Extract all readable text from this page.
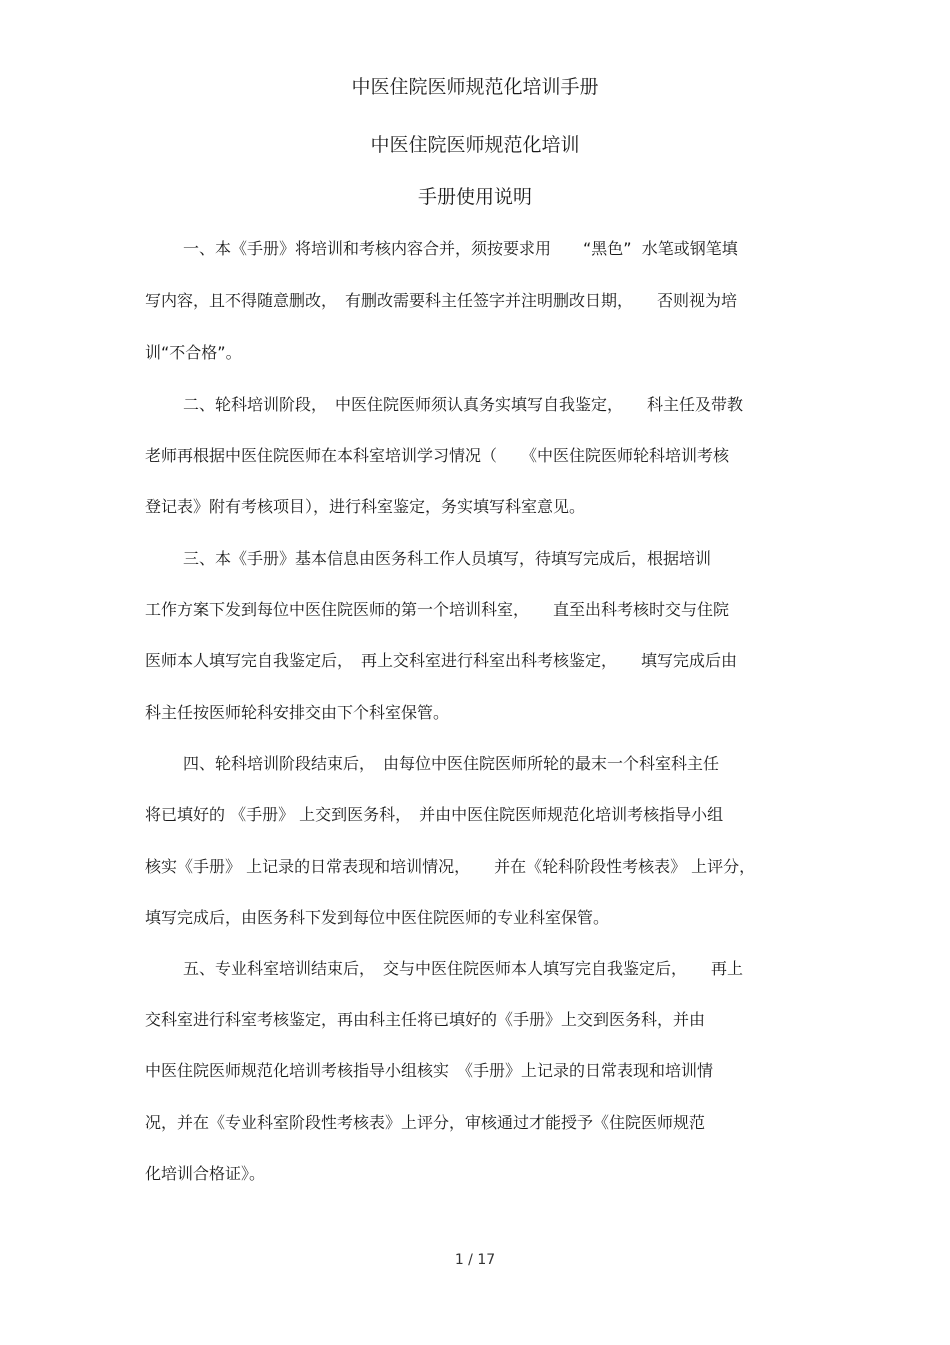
中医住院医师规范化培训手册
中医住院医师规范化培训
手册使用说明
一、本《手册》将培训和考核内容合并，须按要求用　　“黑色”  水笔或钢笔填
写内容，且不得随意删改，　有删改需要科主任签字并注明删改日期，　　否则视为培
训“不合格”。
二、轮科培训阶段，　中医住院医师须认真务实填写自我鉴定，　　科主任及带教
老师再根据中医住院医师在本科室培训学习情况（　　《中医住院医师轮科培训考核
登记表》附有考核项目），进行科室鉴定，务实填写科室意见。
三、本《手册》基本信息由医务科工作人员填写，待填写完成后，根据培训
工作方案下发到每位中医住院医师的第一个培训科室，　　直至出科考核时交与住院
医师本人填写完自我鉴定后，　再上交科室进行科室出科考核鉴定，　　填写完成后由
科主任按医师轮科安排交由下个科室保管。
四、轮科培训阶段结束后，　由每位中医住院医师所轮的最末一个科室科主任
将已填好的 《手册》 上交到医务科，　并由中医住院医师规范化培训考核指导小组
核实《手册》 上记录的日常表现和培训情况，　　并在《轮科阶段性考核表》 上评分，
填写完成后，由医务科下发到每位中医住院医师的专业科室保管。
五、专业科室培训结束后，　交与中医住院医师本人填写完自我鉴定后，　　再上
交科室进行科室考核鉴定，再由科主任将已填好的《手册》上交到医务科，并由
中医住院医师规范化培训考核指导小组核实　《手册》上记录的日常表现和培训情
况，并在《专业科室阶段性考核表》上评分，审核通过才能授予《住院医师规范
化培训合格证》。
1 / 17
